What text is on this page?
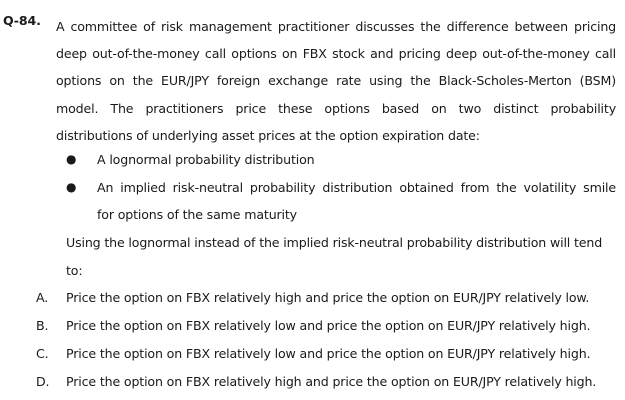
Q-84. A committee of risk management practitioner discusses the difference between pricing
deep out-of-the-money call options on FBX stock and pricing deep out-of-the-money call
options on the EUR/JPY foreign exchange rate using the Black-Scholes-Merton (BSM)
model. The practitioners price these options based on two distinct probability
distributions of underlying asset prices at the option expiration date:
● A lognormal probability distribution
● An implied risk-neutral probability distribution obtained from the volatility smile
for options of the same maturity
Using the lognormal instead of the implied risk-neutral probability distribution will tend
to:
A. Price the option on FBX relatively high and price the option on EUR/JPY relatively low.
B. Price the option on FBX relatively low and price the option on EUR/JPY relatively high.
C. Price the option on FBX relatively low and price the option on EUR/JPY relatively high.
D. Price the option on FBX relatively high and price the option on EUR/JPY relatively high.
